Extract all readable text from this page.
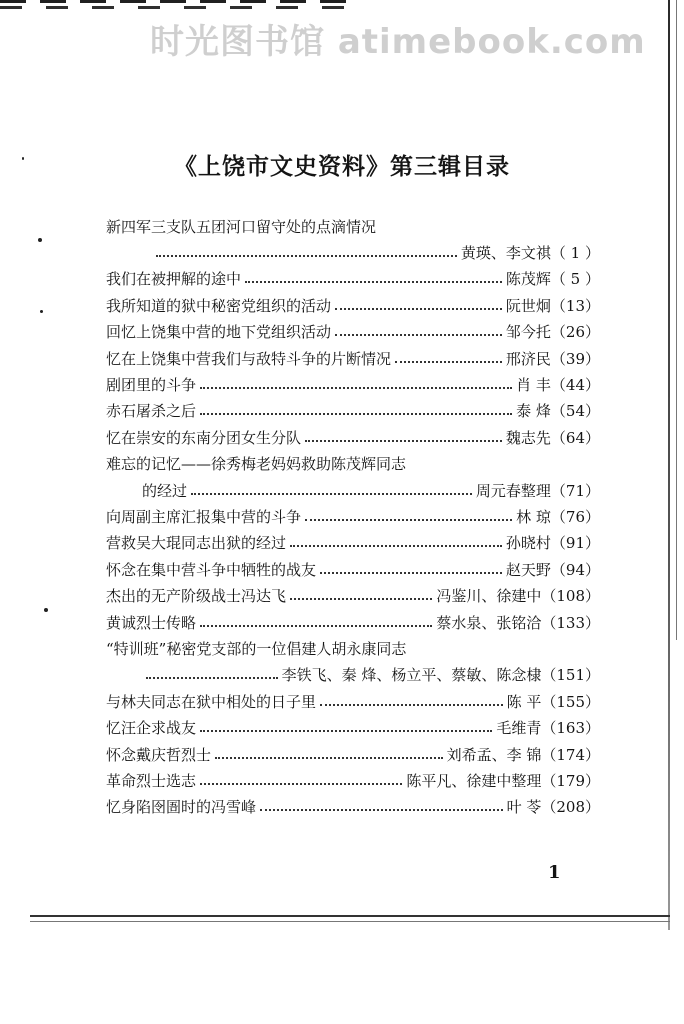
时光图书馆 atimebook.com
《上饶市文史资料》第三辑目录
新四军三支队五团河口留守处的点滴情况
黄瑛、李文祺 （ 1 ）
我们在被押解的途中	陈茂辉 （ 5 ）
我所知道的狱中秘密党组织的活动	阮世炯 （13）
回忆上饶集中营的地下党组织活动	邹今托 （26）
忆在上饶集中营我们与敌特斗争的片断情况	邢济民 （39）
剧团里的斗争	肖 丰 （44）
赤石屠杀之后	泰 烽 （54）
忆在崇安的东南分团女生分队	魏志先 （64）
难忘的记忆——徐秀梅老妈妈救助陈茂辉同志
的经过	周元春整理 （71）
向周副主席汇报集中营的斗争	林 琼 （76）
营救吴大琨同志出狱的经过	孙晓村 （91）
怀念在集中营斗争中牺牲的战友	赵天野 （94）
杰出的无产阶级战士冯达飞	冯鉴川、徐建中 （108）
黄诚烈士传略	蔡水泉、张铭洽 （133）
“特训班”秘密党支部的一位倡建人胡永康同志
李铁飞、秦 烽、杨立平、蔡敏、陈念棣 （151）
与林夫同志在狱中相处的日子里	陈 平 （155）
忆汪企求战友	毛维青 （163）
怀念戴庆哲烈士	刘希孟、李 锦 （174）
革命烈士选志	陈平凡、徐建中整理 （179）
忆身陷囹圄时的冯雪峰	叶 苓 （208）
1
